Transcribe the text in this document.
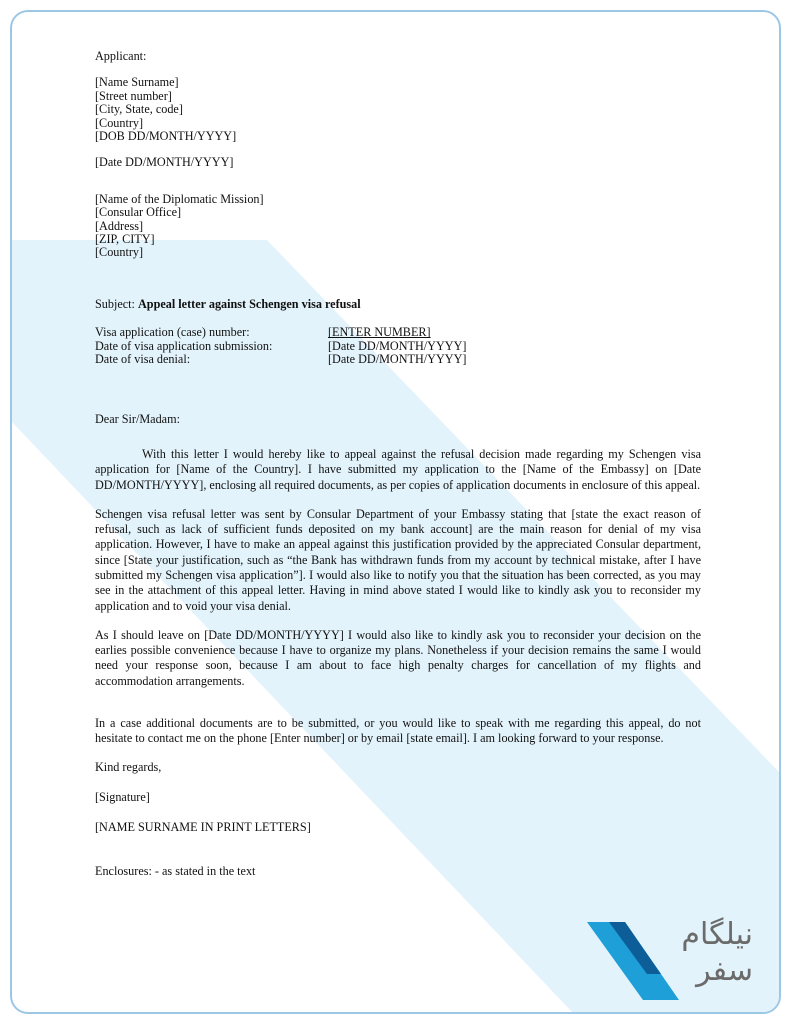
Applicant:
[Name Surname]
[Street number]
[City, State, code]
[Country]
[DOB DD/MONTH/YYYY]
[Date DD/MONTH/YYYY]
[Name of the Diplomatic Mission]
[Consular Office]
[Address]
[ZIP, CITY]
[Country]
Subject: Appeal letter against Schengen visa refusal
Visa application (case) number:	[ENTER NUMBER]
Date of visa application submission:	[Date DD/MONTH/YYYY]
Date of visa denial:	[Date DD/MONTH/YYYY]
Dear Sir/Madam:

With this letter I would hereby like to appeal against the refusal decision made regarding my Schengen visa application for [Name of the Country]. I have submitted my application to the [Name of the Embassy] on [Date DD/MONTH/YYYY], enclosing all required documents, as per copies of application documents in enclosure of this appeal.

Schengen visa refusal letter was sent by Consular Department of your Embassy stating that [state the exact reason of refusal, such as lack of sufficient funds deposited on my bank account] are the main reason for denial of my visa application. However, I have to make an appeal against this justification provided by the appreciated Consular department, since [State your justification, such as “the Bank has withdrawn funds from my account by technical mistake, after I have submitted my Schengen visa application”]. I would also like to notify you that the situation has been corrected, as you may see in the attachment of this appeal letter. Having in mind above stated I would like to kindly ask you to reconsider my application and to void your visa denial.

As I should leave on [Date DD/MONTH/YYYY] I would also like to kindly ask you to reconsider your decision on the earlies possible convenience because I have to organize my plans. Nonetheless if your decision remains the same I would need your response soon, because I am about to face high penalty charges for cancellation of my flights and accommodation arrangements.

In a case additional documents are to be submitted, or you would like to speak with me regarding this appeal, do not hesitate to contact me on the phone [Enter number] or by email [state email]. I am looking forward to your response.

Kind regards,
[Signature]
[NAME SURNAME IN PRINT LETTERS]
Enclosures: - as stated in the text
نیلگام
سفر
